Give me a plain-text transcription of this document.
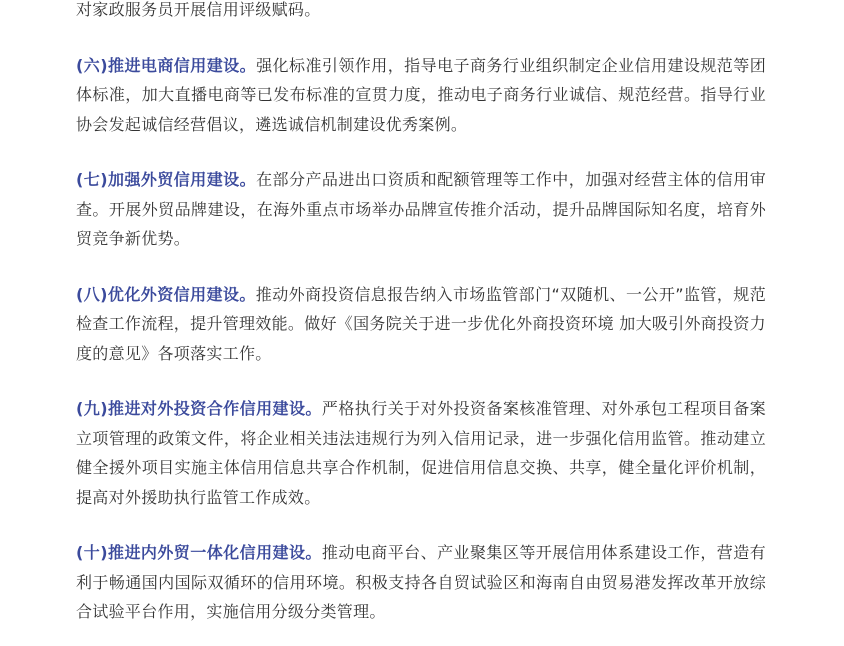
对家政服务员开展信用评级赋码。

(六)推进电商信用建设。强化标准引领作用，指导电子商务行业组织制定企业信用建设规范等团体标准，加大直播电商等已发布标准的宣贯力度，推动电子商务行业诚信、规范经营。指导行业协会发起诚信经营倡议，遴选诚信机制建设优秀案例。

(七)加强外贸信用建设。在部分产品进出口资质和配额管理等工作中，加强对经营主体的信用审查。开展外贸品牌建设，在海外重点市场举办品牌宣传推介活动，提升品牌国际知名度，培育外贸竞争新优势。

(八)优化外资信用建设。推动外商投资信息报告纳入市场监管部门“双随机、一公开”监管，规范检查工作流程，提升管理效能。做好《国务院关于进一步优化外商投资环境 加大吸引外商投资力度的意见》各项落实工作。

(九)推进对外投资合作信用建设。严格执行关于对外投资备案核准管理、对外承包工程项目备案立项管理的政策文件，将企业相关违法违规行为列入信用记录，进一步强化信用监管。推动建立健全援外项目实施主体信用信息共享合作机制，促进信用信息交换、共享，健全量化评价机制，提高对外援助执行监管工作成效。

(十)推进内外贸一体化信用建设。推动电商平台、产业聚集区等开展信用体系建设工作，营造有利于畅通国内国际双循环的信用环境。积极支持各自贸试验区和海南自由贸易港发挥改革开放综合试验平台作用，实施信用分级分类管理。
